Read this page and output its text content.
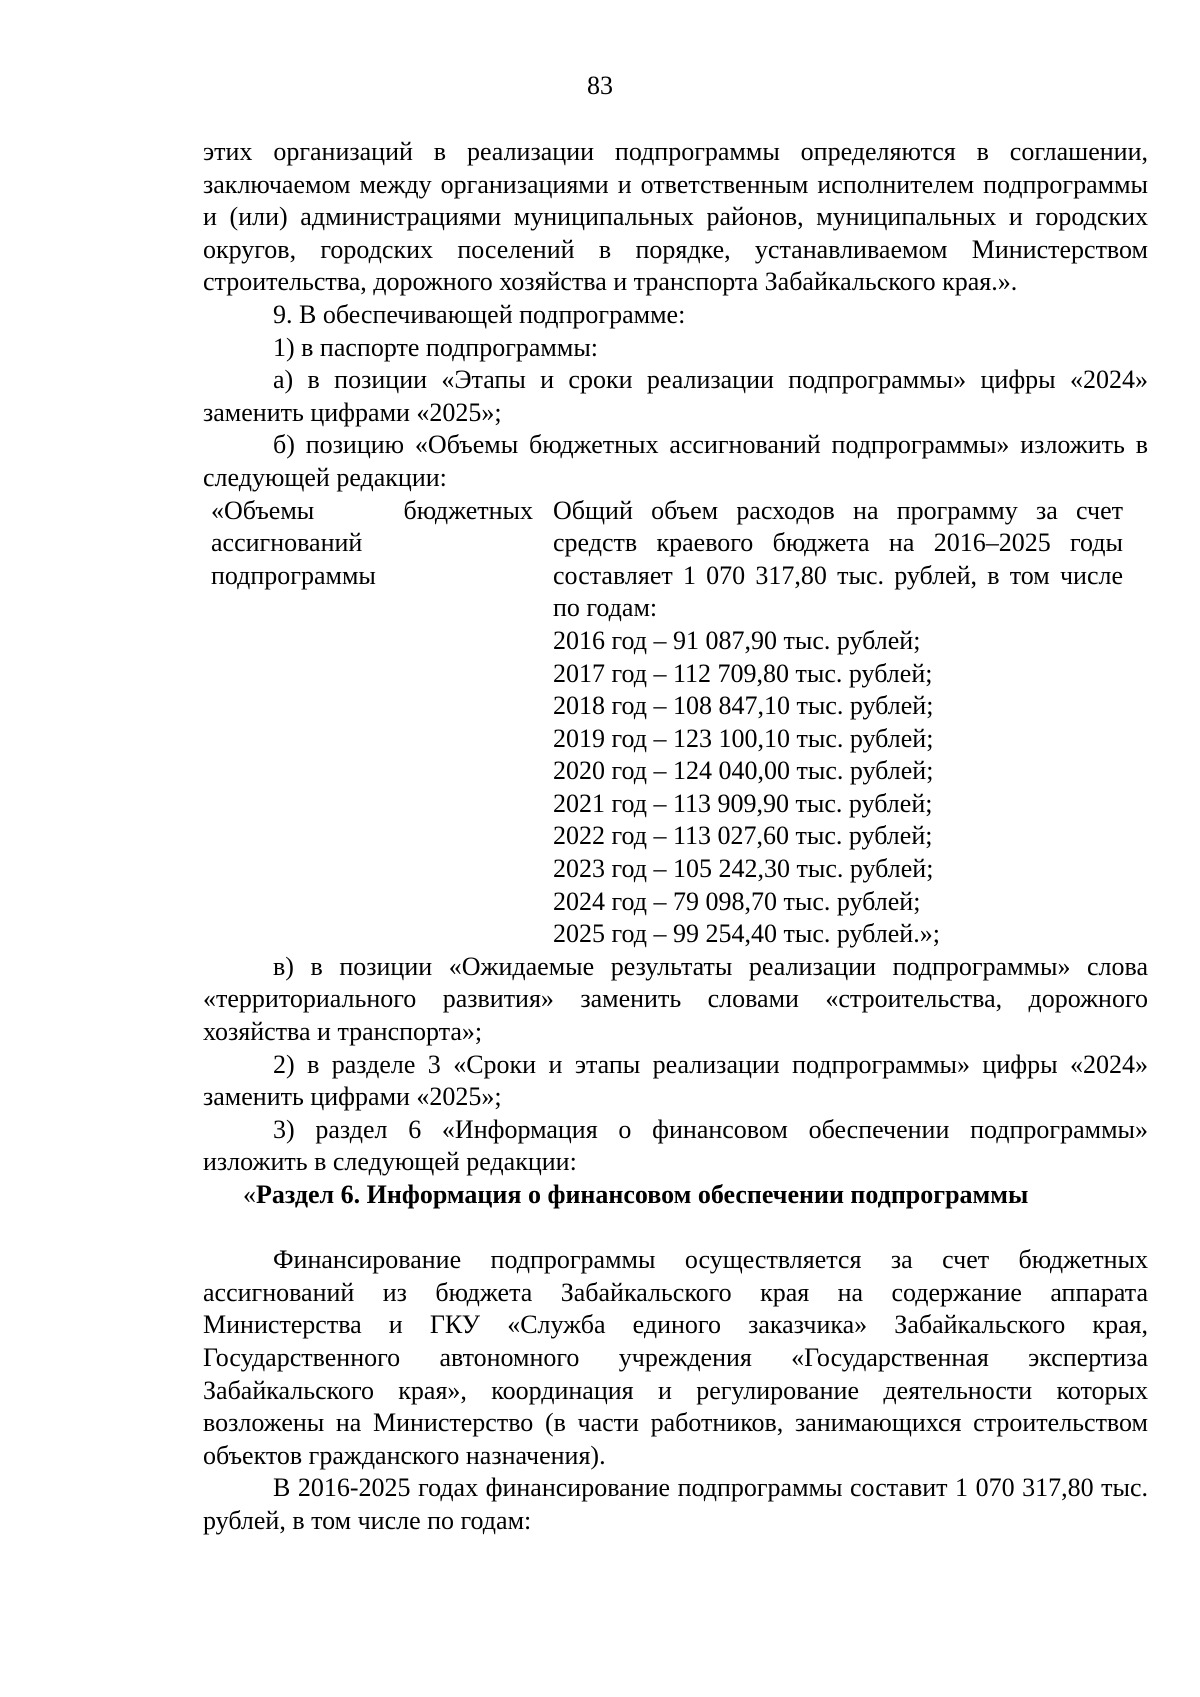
83

этих организаций в реализации подпрограммы определяются в соглашении, заключаемом между организациями и ответственным исполнителем подпрограммы и (или) администрациями муниципальных районов, муниципальных и городских округов, городских поселений в порядке, устанавливаемом Министерством строительства, дорожного хозяйства и транспорта Забайкальского края.».

9. В обеспечивающей подпрограмме:

1) в паспорте подпрограммы:

а) в позиции «Этапы и сроки реализации подпрограммы» цифры «2024» заменить цифрами «2025»;

б) позицию «Объемы бюджетных ассигнований подпрограммы» изложить в следующей редакции:

«Объемы бюджетных ассигнований подпрограммы

Общий объем расходов на программу за счет средств краевого бюджета на 2016–2025 годы составляет 1 070 317,80 тыс. рублей, в том числе по годам:

2016 год – 91 087,90 тыс. рублей;

2017 год – 112 709,80 тыс. рублей;

2018 год – 108 847,10 тыс. рублей;

2019 год – 123 100,10 тыс. рублей;

2020 год – 124 040,00 тыс. рублей;

2021 год – 113 909,90 тыс. рублей;

2022 год – 113 027,60 тыс. рублей;

2023 год – 105 242,30 тыс. рублей;

2024 год – 79 098,70 тыс. рублей;

2025 год – 99 254,40 тыс. рублей.»;

в) в позиции «Ожидаемые результаты реализации подпрограммы» слова «территориального развития» заменить словами «строительства, дорожного хозяйства и транспорта»;

2) в разделе 3 «Сроки и этапы реализации подпрограммы» цифры «2024» заменить цифрами «2025»;

3) раздел 6 «Информация о финансовом обеспечении подпрограммы» изложить в следующей редакции:

«Раздел 6. Информация о финансовом обеспечении подпрограммы

Финансирование подпрограммы осуществляется за счет бюджетных ассигнований из бюджета Забайкальского края на содержание аппарата Министерства и ГКУ «Служба единого заказчика» Забайкальского края, Государственного автономного учреждения «Государственная экспертиза Забайкальского края», координация и регулирование деятельности которых возложены на Министерство (в части работников, занимающихся строительством объектов гражданского назначения).

В 2016-2025 годах финансирование подпрограммы составит 1 070 317,80 тыс. рублей, в том числе по годам:
